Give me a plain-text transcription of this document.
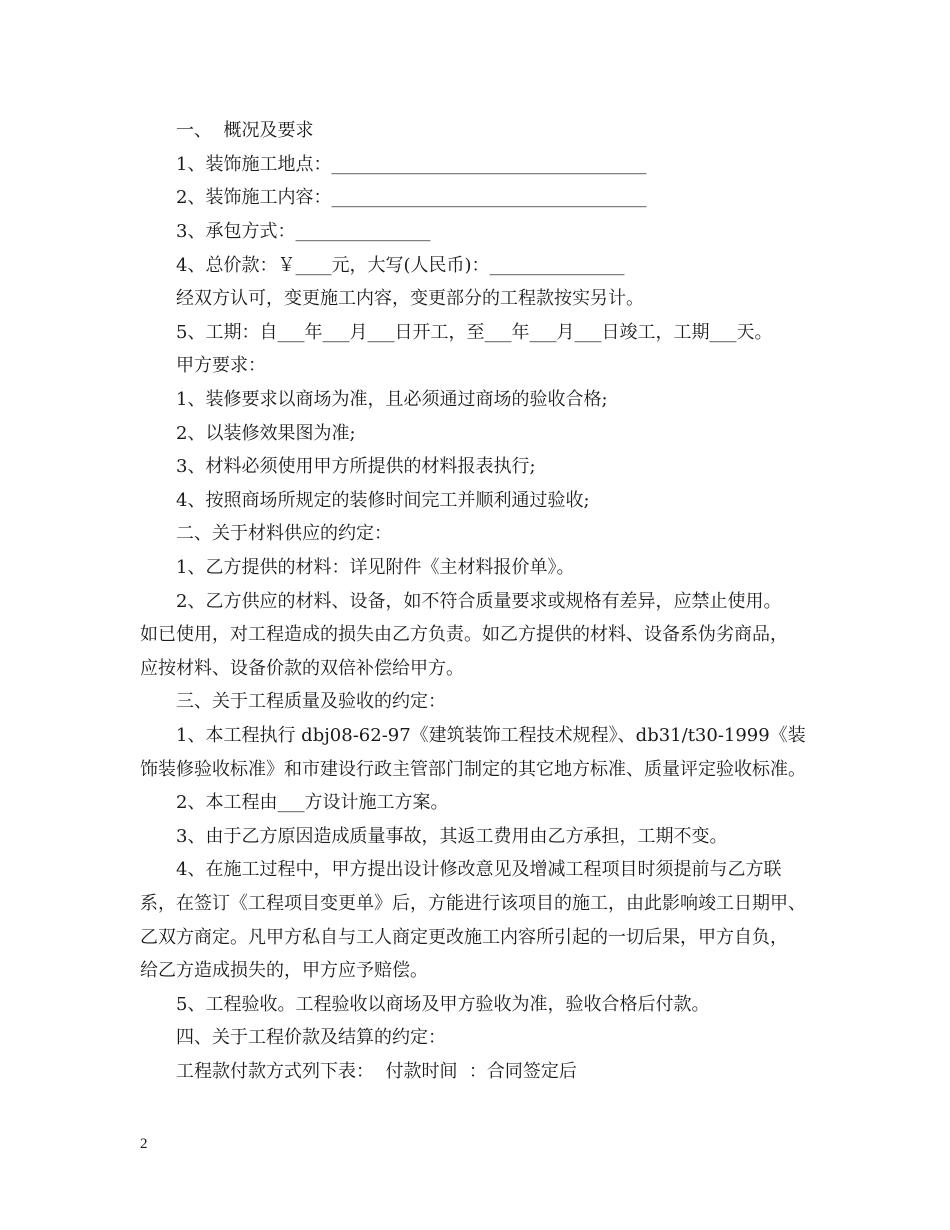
一、  概况及要求
1、装饰施工地点：___________________________________
2、装饰施工内容：___________________________________
3、承包方式：_______________
4、总价款：￥____元，大写(人民币)：_______________
经双方认可，变更施工内容，变更部分的工程款按实另计。
5、工期：自___年___月___日开工，至___年___月___日竣工，工期___天。
甲方要求：
1、装修要求以商场为准，且必须通过商场的验收合格;
2、以装修效果图为准;
3、材料必须使用甲方所提供的材料报表执行;
4、按照商场所规定的装修时间完工并顺利通过验收;
二、关于材料供应的约定：
1、乙方提供的材料：详见附件《主材料报价单》。
2、乙方供应的材料、设备，如不符合质量要求或规格有差异，应禁止使用。
如已使用，对工程造成的损失由乙方负责。如乙方提供的材料、设备系伪劣商品，
应按材料、设备价款的双倍补偿给甲方。
三、关于工程质量及验收的约定：
1、本工程执行 dbj08-62-97《建筑装饰工程技术规程》、db31/t30-1999《装
饰装修验收标准》和市建设行政主管部门制定的其它地方标准、质量评定验收标准。
2、本工程由___方设计施工方案。
3、由于乙方原因造成质量事故，其返工费用由乙方承担，工期不变。
4、在施工过程中，甲方提出设计修改意见及增减工程项目时须提前与乙方联
系，在签订《工程项目变更单》后，方能进行该项目的施工，由此影响竣工日期甲、
乙双方商定。凡甲方私自与工人商定更改施工内容所引起的一切后果，甲方自负，
给乙方造成损失的，甲方应予赔偿。
5、工程验收。工程验收以商场及甲方验收为准，验收合格后付款。
四、关于工程价款及结算的约定：
工程款付款方式列下表：  付款时间  ：合同签定后
2
